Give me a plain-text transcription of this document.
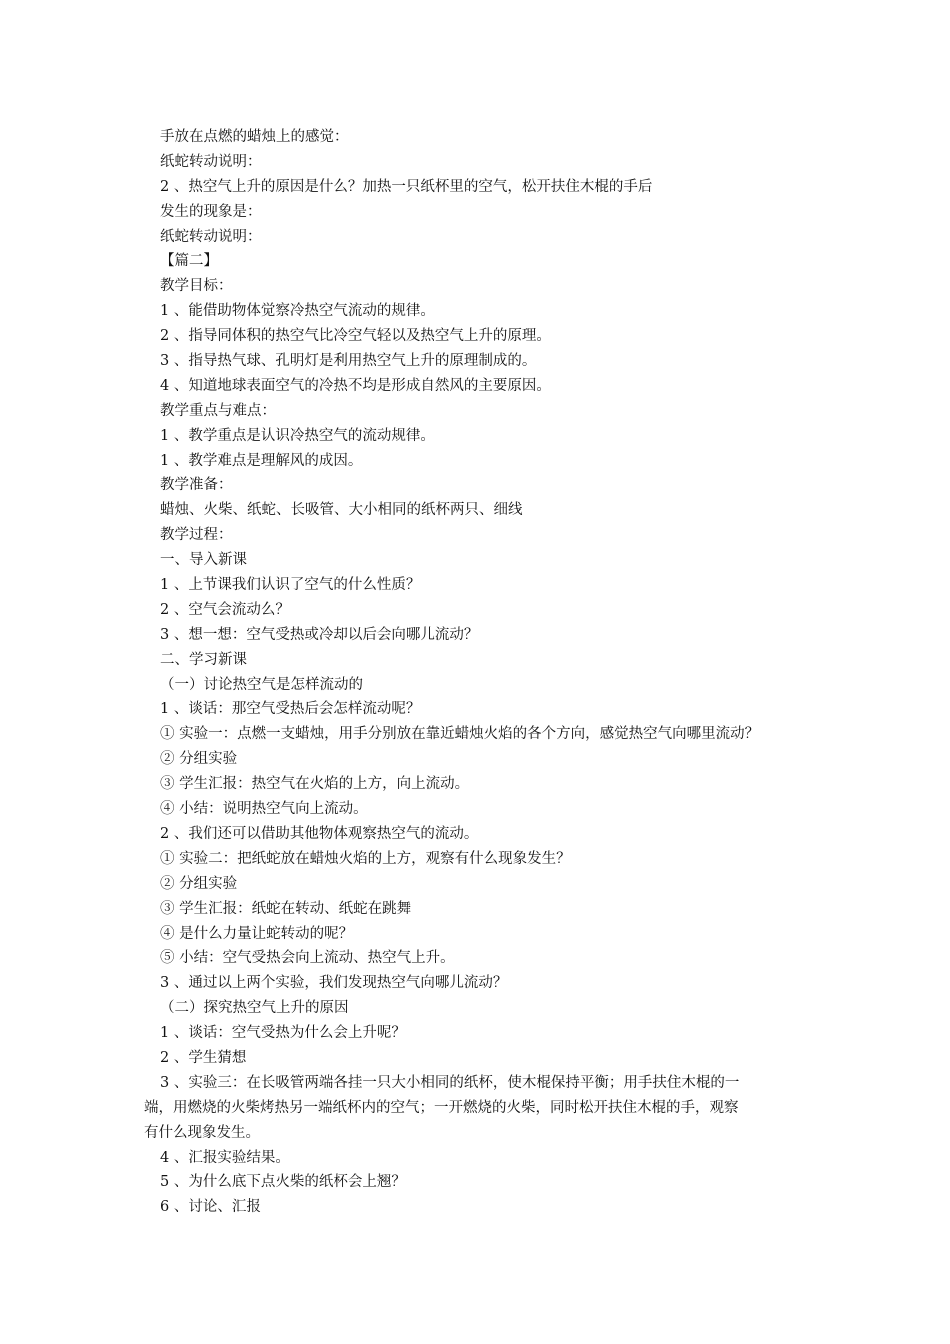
手放在点燃的蜡烛上的感觉：
纸蛇转动说明：
2 、热空气上升的原因是什么？加热一只纸杯里的空气，松开扶住木棍的手后
发生的现象是：
纸蛇转动说明：
【篇二】
教学目标：
1 、能借助物体觉察冷热空气流动的规律。
2 、指导同体积的热空气比冷空气轻以及热空气上升的原理。
3 、指导热气球、孔明灯是利用热空气上升的原理制成的。
4 、知道地球表面空气的冷热不均是形成自然风的主要原因。
教学重点与难点：
1 、教学重点是认识冷热空气的流动规律。
1 、教学难点是理解风的成因。
教学准备：
蜡烛、火柴、纸蛇、长吸管、大小相同的纸杯两只、细线
教学过程：
一、导入新课
1 、上节课我们认识了空气的什么性质？
2 、空气会流动么？
3 、想一想：空气受热或冷却以后会向哪儿流动？
二、学习新课
（一）讨论热空气是怎样流动的
1 、谈话：那空气受热后会怎样流动呢？
① 实验一：点燃一支蜡烛，用手分别放在靠近蜡烛火焰的各个方向，感觉热空气向哪里流动？
② 分组实验
③ 学生汇报：热空气在火焰的上方，向上流动。
④ 小结：说明热空气向上流动。
2 、我们还可以借助其他物体观察热空气的流动。
① 实验二：把纸蛇放在蜡烛火焰的上方，观察有什么现象发生？
② 分组实验
③ 学生汇报：纸蛇在转动、纸蛇在跳舞
④ 是什么力量让蛇转动的呢？
⑤ 小结：空气受热会向上流动、热空气上升。
3 、通过以上两个实验，我们发现热空气向哪儿流动？
（二）探究热空气上升的原因
1 、谈话：空气受热为什么会上升呢？
2 、学生猜想
3 、实验三：在长吸管两端各挂一只大小相同的纸杯，使木棍保持平衡；用手扶住木棍的一
端，用燃烧的火柴烤热另一端纸杯内的空气；一开燃烧的火柴，同时松开扶住木棍的手，观察
有什么现象发生。
4 、汇报实验结果。
5 、为什么底下点火柴的纸杯会上翘？
6 、讨论、汇报
